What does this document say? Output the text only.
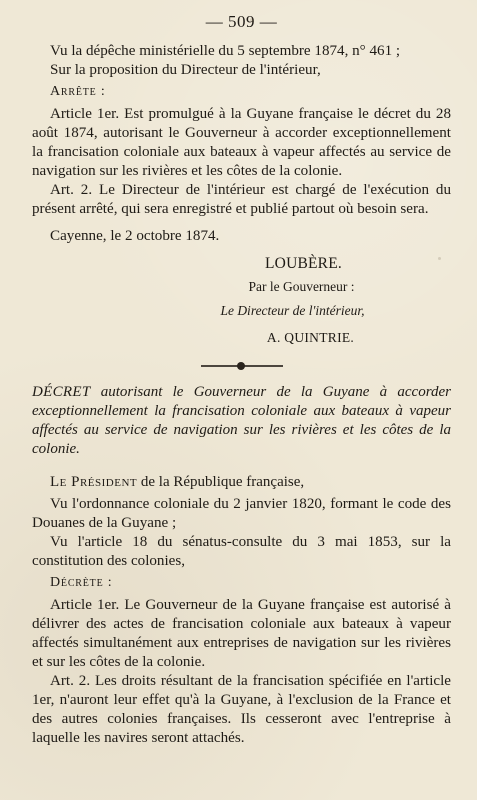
— 509 —

Vu la dépêche ministérielle du 5 septembre 1874, n° 461 ;

Sur la proposition du Directeur de l'intérieur,

Arrête :

Article 1er. Est promulgué à la Guyane française le décret du 28 août 1874, autorisant le Gouverneur à accorder exceptionnellement la francisation coloniale aux bateaux à vapeur affectés au service de navigation sur les rivières et les côtes de la colonie.

Art. 2. Le Directeur de l'intérieur est chargé de l'exécution du présent arrêté, qui sera enregistré et publié partout où besoin sera.

Cayenne, le 2 octobre 1874.

LOUBÈRE.
Par le Gouverneur :
Le Directeur de l'intérieur,
A. QUINTRIE.

DÉCRET autorisant le Gouverneur de la Guyane à accorder exceptionnellement la francisation coloniale aux bateaux à vapeur affectés au service de navigation sur les rivières et les côtes de la colonie.

Le Président de la République française,

Vu l'ordonnance coloniale du 2 janvier 1820, formant le code des Douanes de la Guyane ;

Vu l'article 18 du sénatus-consulte du 3 mai 1853, sur la constitution des colonies,

Décrète :

Article 1er. Le Gouverneur de la Guyane française est autorisé à délivrer des actes de francisation coloniale aux bateaux à vapeur affectés simultanément aux entreprises de navigation sur les rivières et sur les côtes de la colonie.

Art. 2. Les droits résultant de la francisation spécifiée en l'article 1er, n'auront leur effet qu'à la Guyane, à l'exclusion de la France et des autres colonies françaises. Ils cesseront avec l'entreprise à laquelle les navires seront attachés.
